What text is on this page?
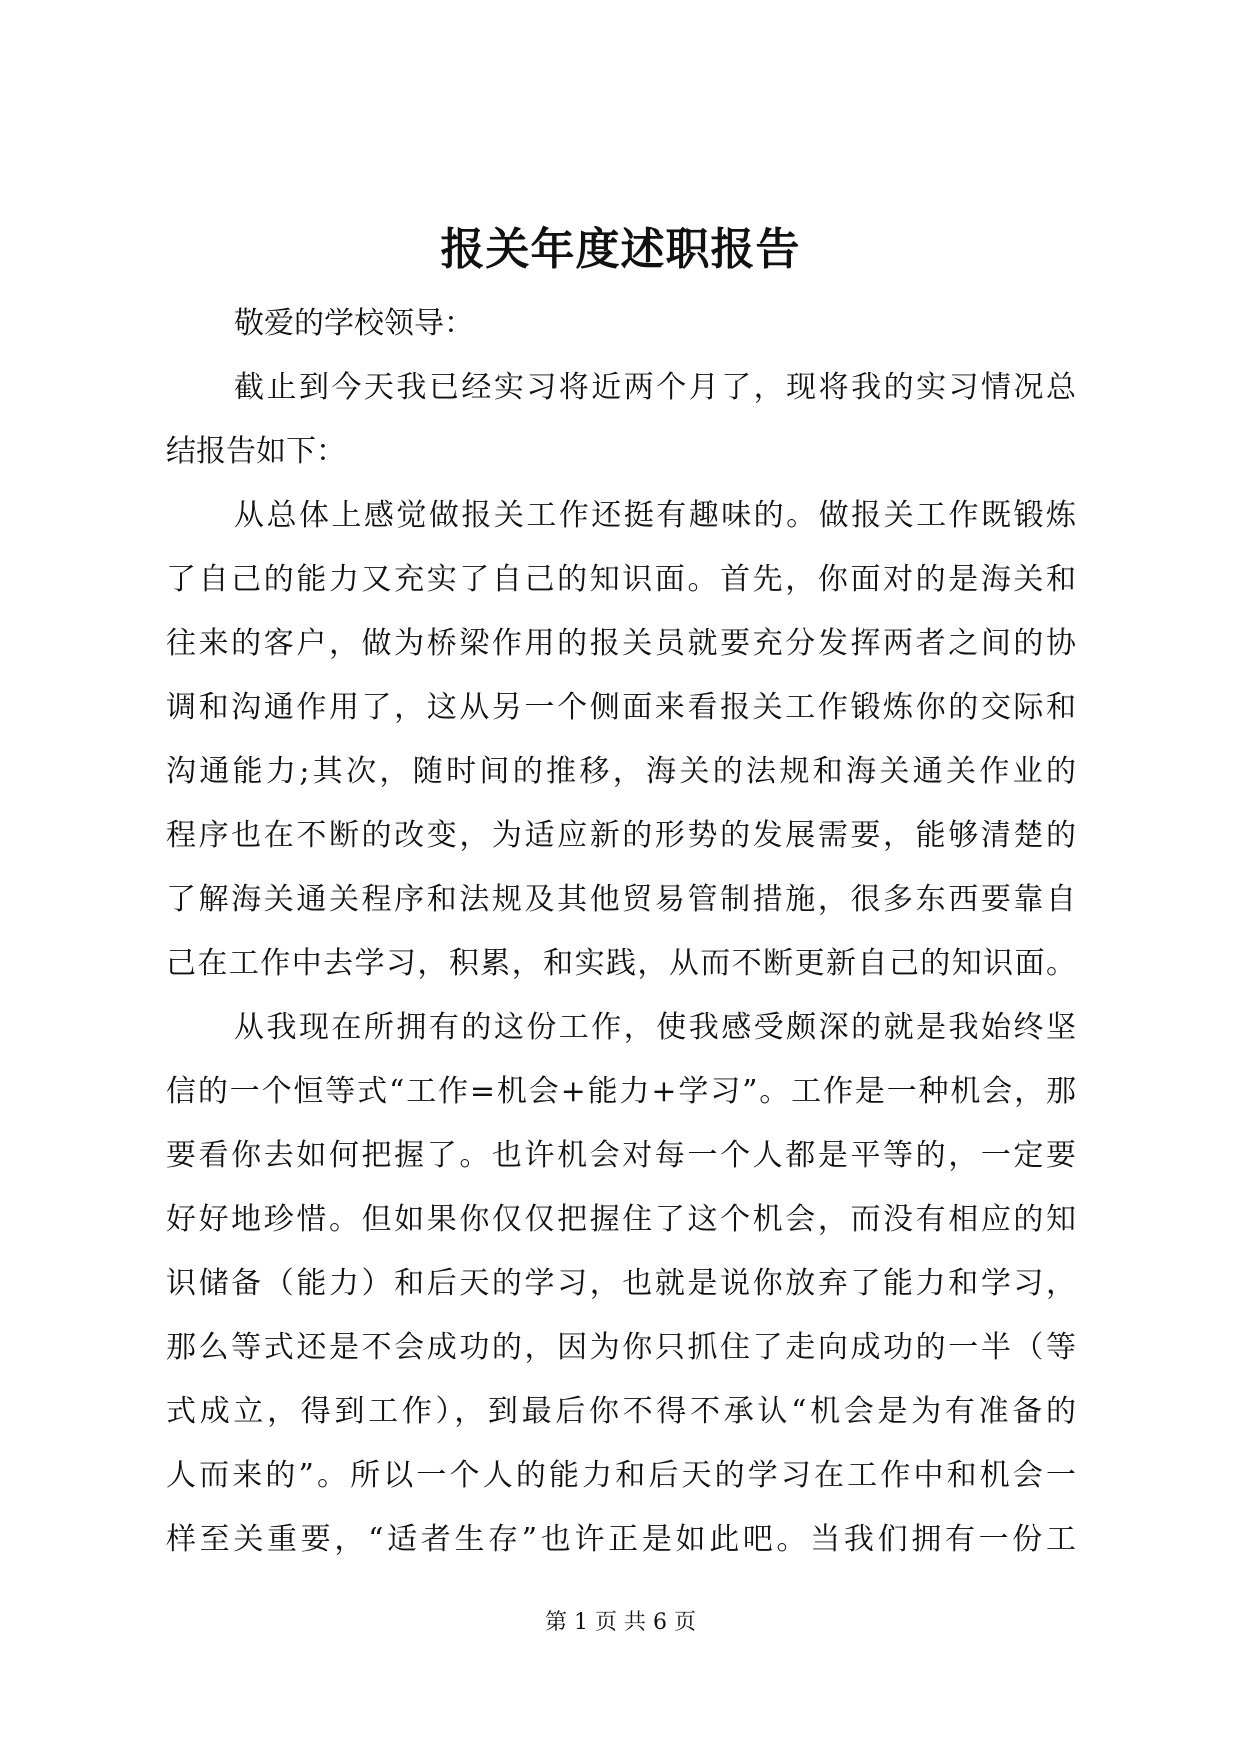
报关年度述职报告
敬爱的学校领导：
截止到今天我已经实习将近两个月了，现将我的实习情况总
结报告如下：
从总体上感觉做报关工作还挺有趣味的。做报关工作既锻炼
了自己的能力又充实了自己的知识面。首先，你面对的是海关和
往来的客户，做为桥梁作用的报关员就要充分发挥两者之间的协
调和沟通作用了，这从另一个侧面来看报关工作锻炼你的交际和
沟通能力;其次，随时间的推移，海关的法规和海关通关作业的
程序也在不断的改变，为适应新的形势的发展需要，能够清楚的
了解海关通关程序和法规及其他贸易管制措施，很多东西要靠自
己在工作中去学习，积累，和实践，从而不断更新自己的知识面。
从我现在所拥有的这份工作，使我感受颇深的就是我始终坚
信的一个恒等式“工作=机会+能力+学习”。工作是一种机会，那
要看你去如何把握了。也许机会对每一个人都是平等的，一定要
好好地珍惜。但如果你仅仅把握住了这个机会，而没有相应的知
识储备（能力）和后天的学习，也就是说你放弃了能力和学习，
那么等式还是不会成功的，因为你只抓住了走向成功的一半（等
式成立，得到工作），到最后你不得不承认“机会是为有准备的
人而来的”。所以一个人的能力和后天的学习在工作中和机会一
样至关重要，“适者生存”也许正是如此吧。当我们拥有一份工
第 1 页 共 6 页
